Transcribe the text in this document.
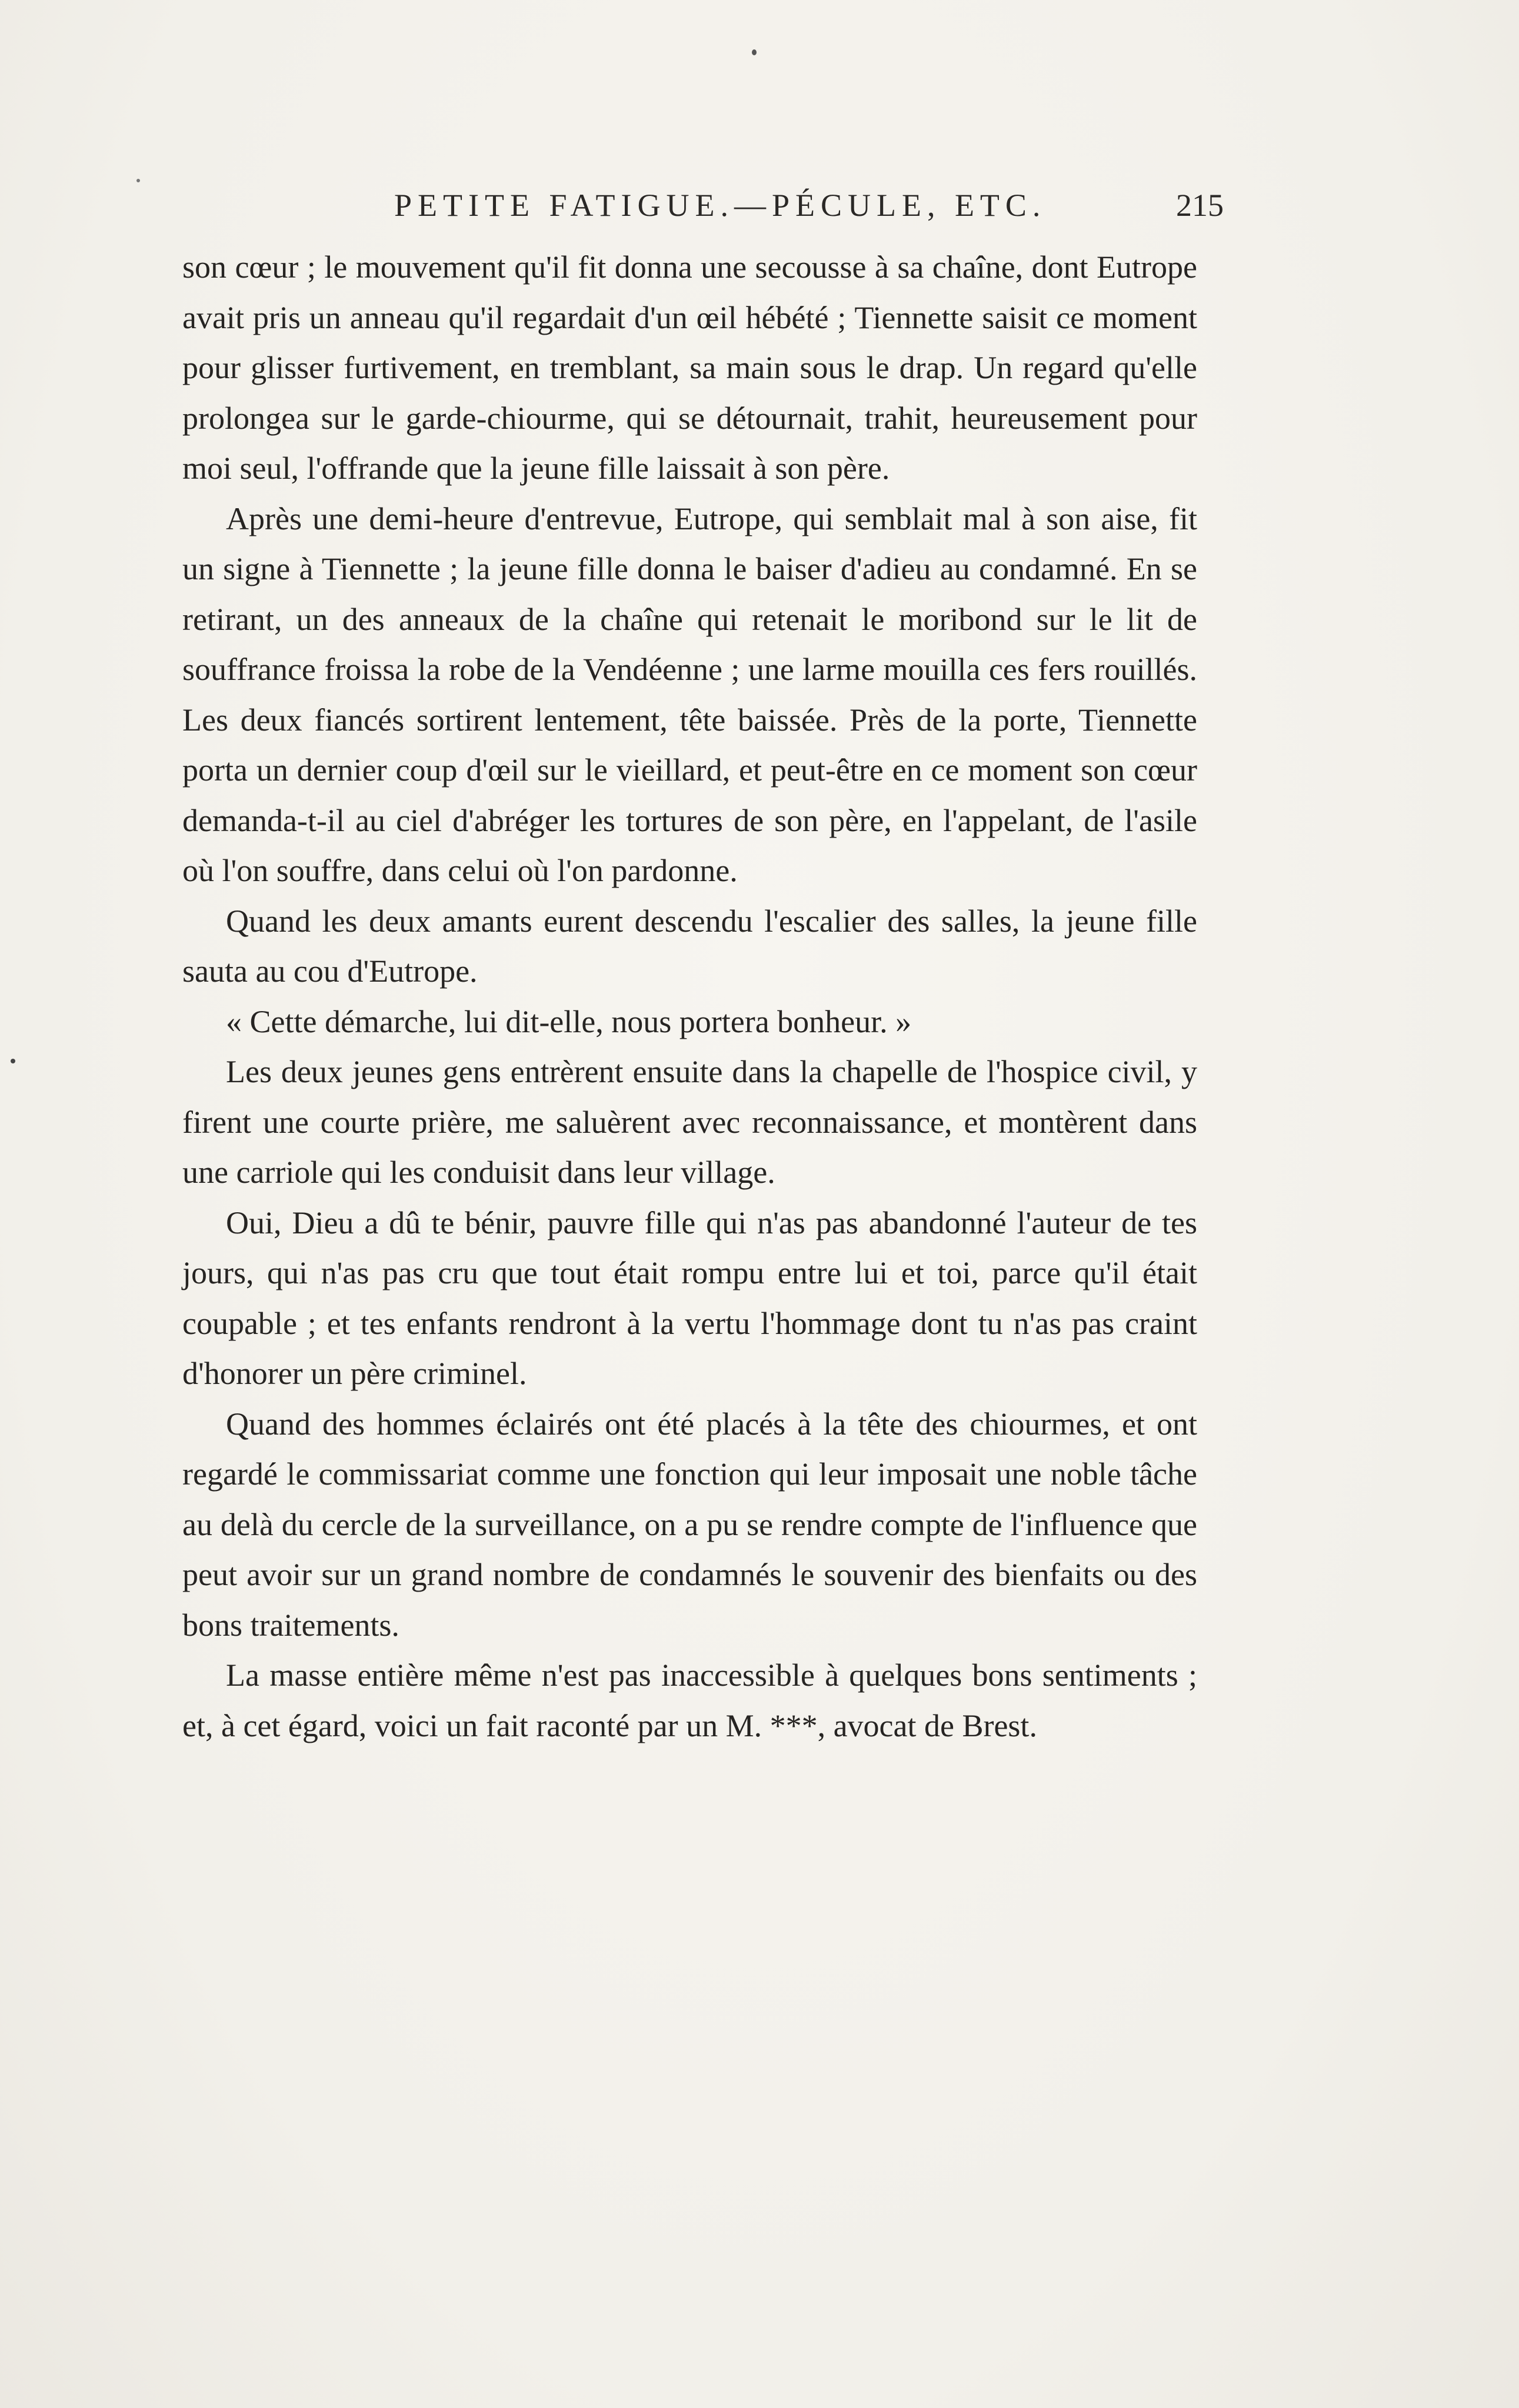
PETITE FATIGUE.—PÉCULE, ETC.	215

son cœur ; le mouvement qu'il fit donna une secousse à sa chaîne, dont Eutrope avait pris un anneau qu'il regardait d'un œil hébété ; Tiennette saisit ce moment pour glisser furtivement, en tremblant, sa main sous le drap. Un regard qu'elle prolongea sur le garde-chiourme, qui se détournait, trahit, heureusement pour moi seul, l'offrande que la jeune fille laissait à son père.

Après une demi-heure d'entrevue, Eutrope, qui semblait mal à son aise, fit un signe à Tiennette ; la jeune fille donna le baiser d'adieu au condamné. En se retirant, un des anneaux de la chaîne qui retenait le moribond sur le lit de souffrance froissa la robe de la Vendéenne ; une larme mouilla ces fers rouillés. Les deux fiancés sortirent lentement, tête baissée. Près de la porte, Tiennette porta un dernier coup d'œil sur le vieillard, et peut-être en ce moment son cœur demanda-t-il au ciel d'abréger les tortures de son père, en l'appelant, de l'asile où l'on souffre, dans celui où l'on pardonne.

Quand les deux amants eurent descendu l'escalier des salles, la jeune fille sauta au cou d'Eutrope.

« Cette démarche, lui dit-elle, nous portera bonheur. »

Les deux jeunes gens entrèrent ensuite dans la chapelle de l'hospice civil, y firent une courte prière, me saluèrent avec reconnaissance, et montèrent dans une carriole qui les conduisit dans leur village.

Oui, Dieu a dû te bénir, pauvre fille qui n'as pas abandonné l'auteur de tes jours, qui n'as pas cru que tout était rompu entre lui et toi, parce qu'il était coupable ; et tes enfants rendront à la vertu l'hommage dont tu n'as pas craint d'honorer un père criminel.

Quand des hommes éclairés ont été placés à la tête des chiourmes, et ont regardé le commissariat comme une fonction qui leur imposait une noble tâche au delà du cercle de la surveillance, on a pu se rendre compte de l'influence que peut avoir sur un grand nombre de condamnés le souvenir des bienfaits ou des bons traitements.

La masse entière même n'est pas inaccessible à quelques bons sentiments ; et, à cet égard, voici un fait raconté par un M. ***, avocat de Brest.
